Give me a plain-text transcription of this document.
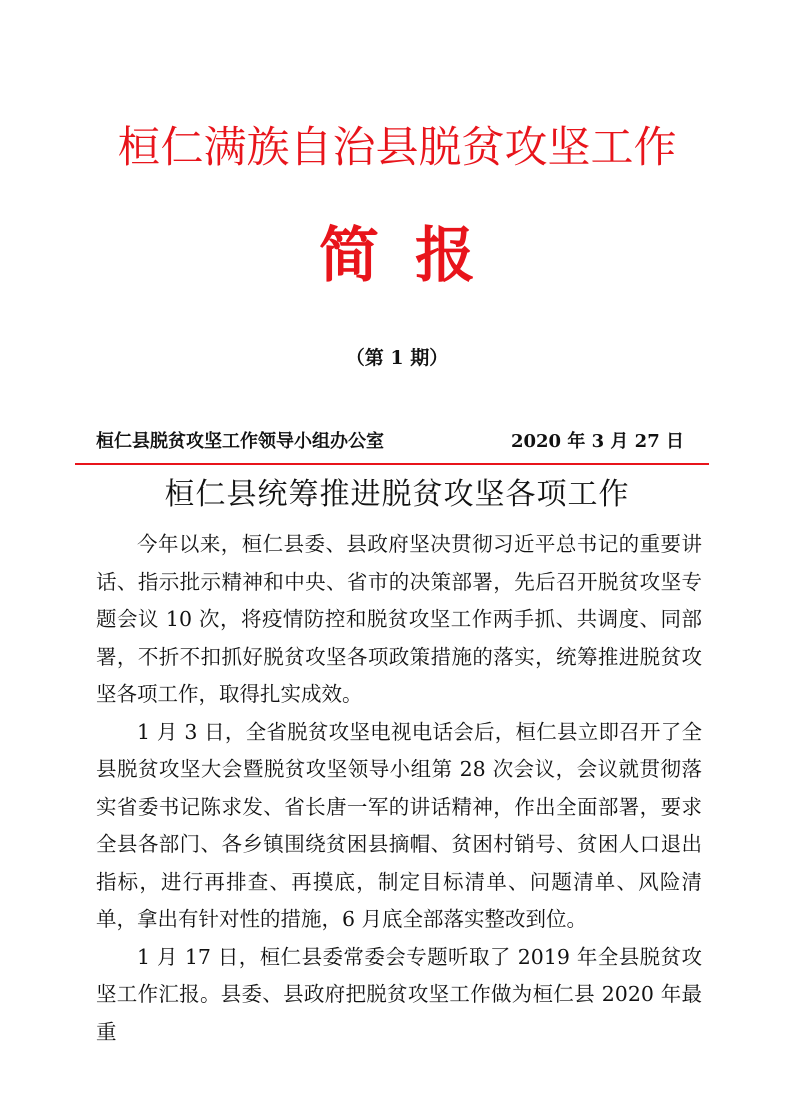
桓仁满族自治县脱贫攻坚工作
简报
（第 1 期）
桓仁县脱贫攻坚工作领导小组办公室	2020 年 3 月 27 日
桓仁县统筹推进脱贫攻坚各项工作

今年以来，桓仁县委、县政府坚决贯彻习近平总书记的重要讲话、指示批示精神和中央、省市的决策部署，先后召开脱贫攻坚专题会议 10 次，将疫情防控和脱贫攻坚工作两手抓、共调度、同部署，不折不扣抓好脱贫攻坚各项政策措施的落实，统筹推进脱贫攻坚各项工作，取得扎实成效。

1 月 3 日，全省脱贫攻坚电视电话会后，桓仁县立即召开了全县脱贫攻坚大会暨脱贫攻坚领导小组第 28 次会议，会议就贯彻落实省委书记陈求发、省长唐一军的讲话精神，作出全面部署，要求全县各部门、各乡镇围绕贫困县摘帽、贫困村销号、贫困人口退出指标，进行再排查、再摸底，制定目标清单、问题清单、风险清单，拿出有针对性的措施，6 月底全部落实整改到位。

1 月 17 日，桓仁县委常委会专题听取了 2019 年全县脱贫攻坚工作汇报。县委、县政府把脱贫攻坚工作做为桓仁县 2020 年最重
